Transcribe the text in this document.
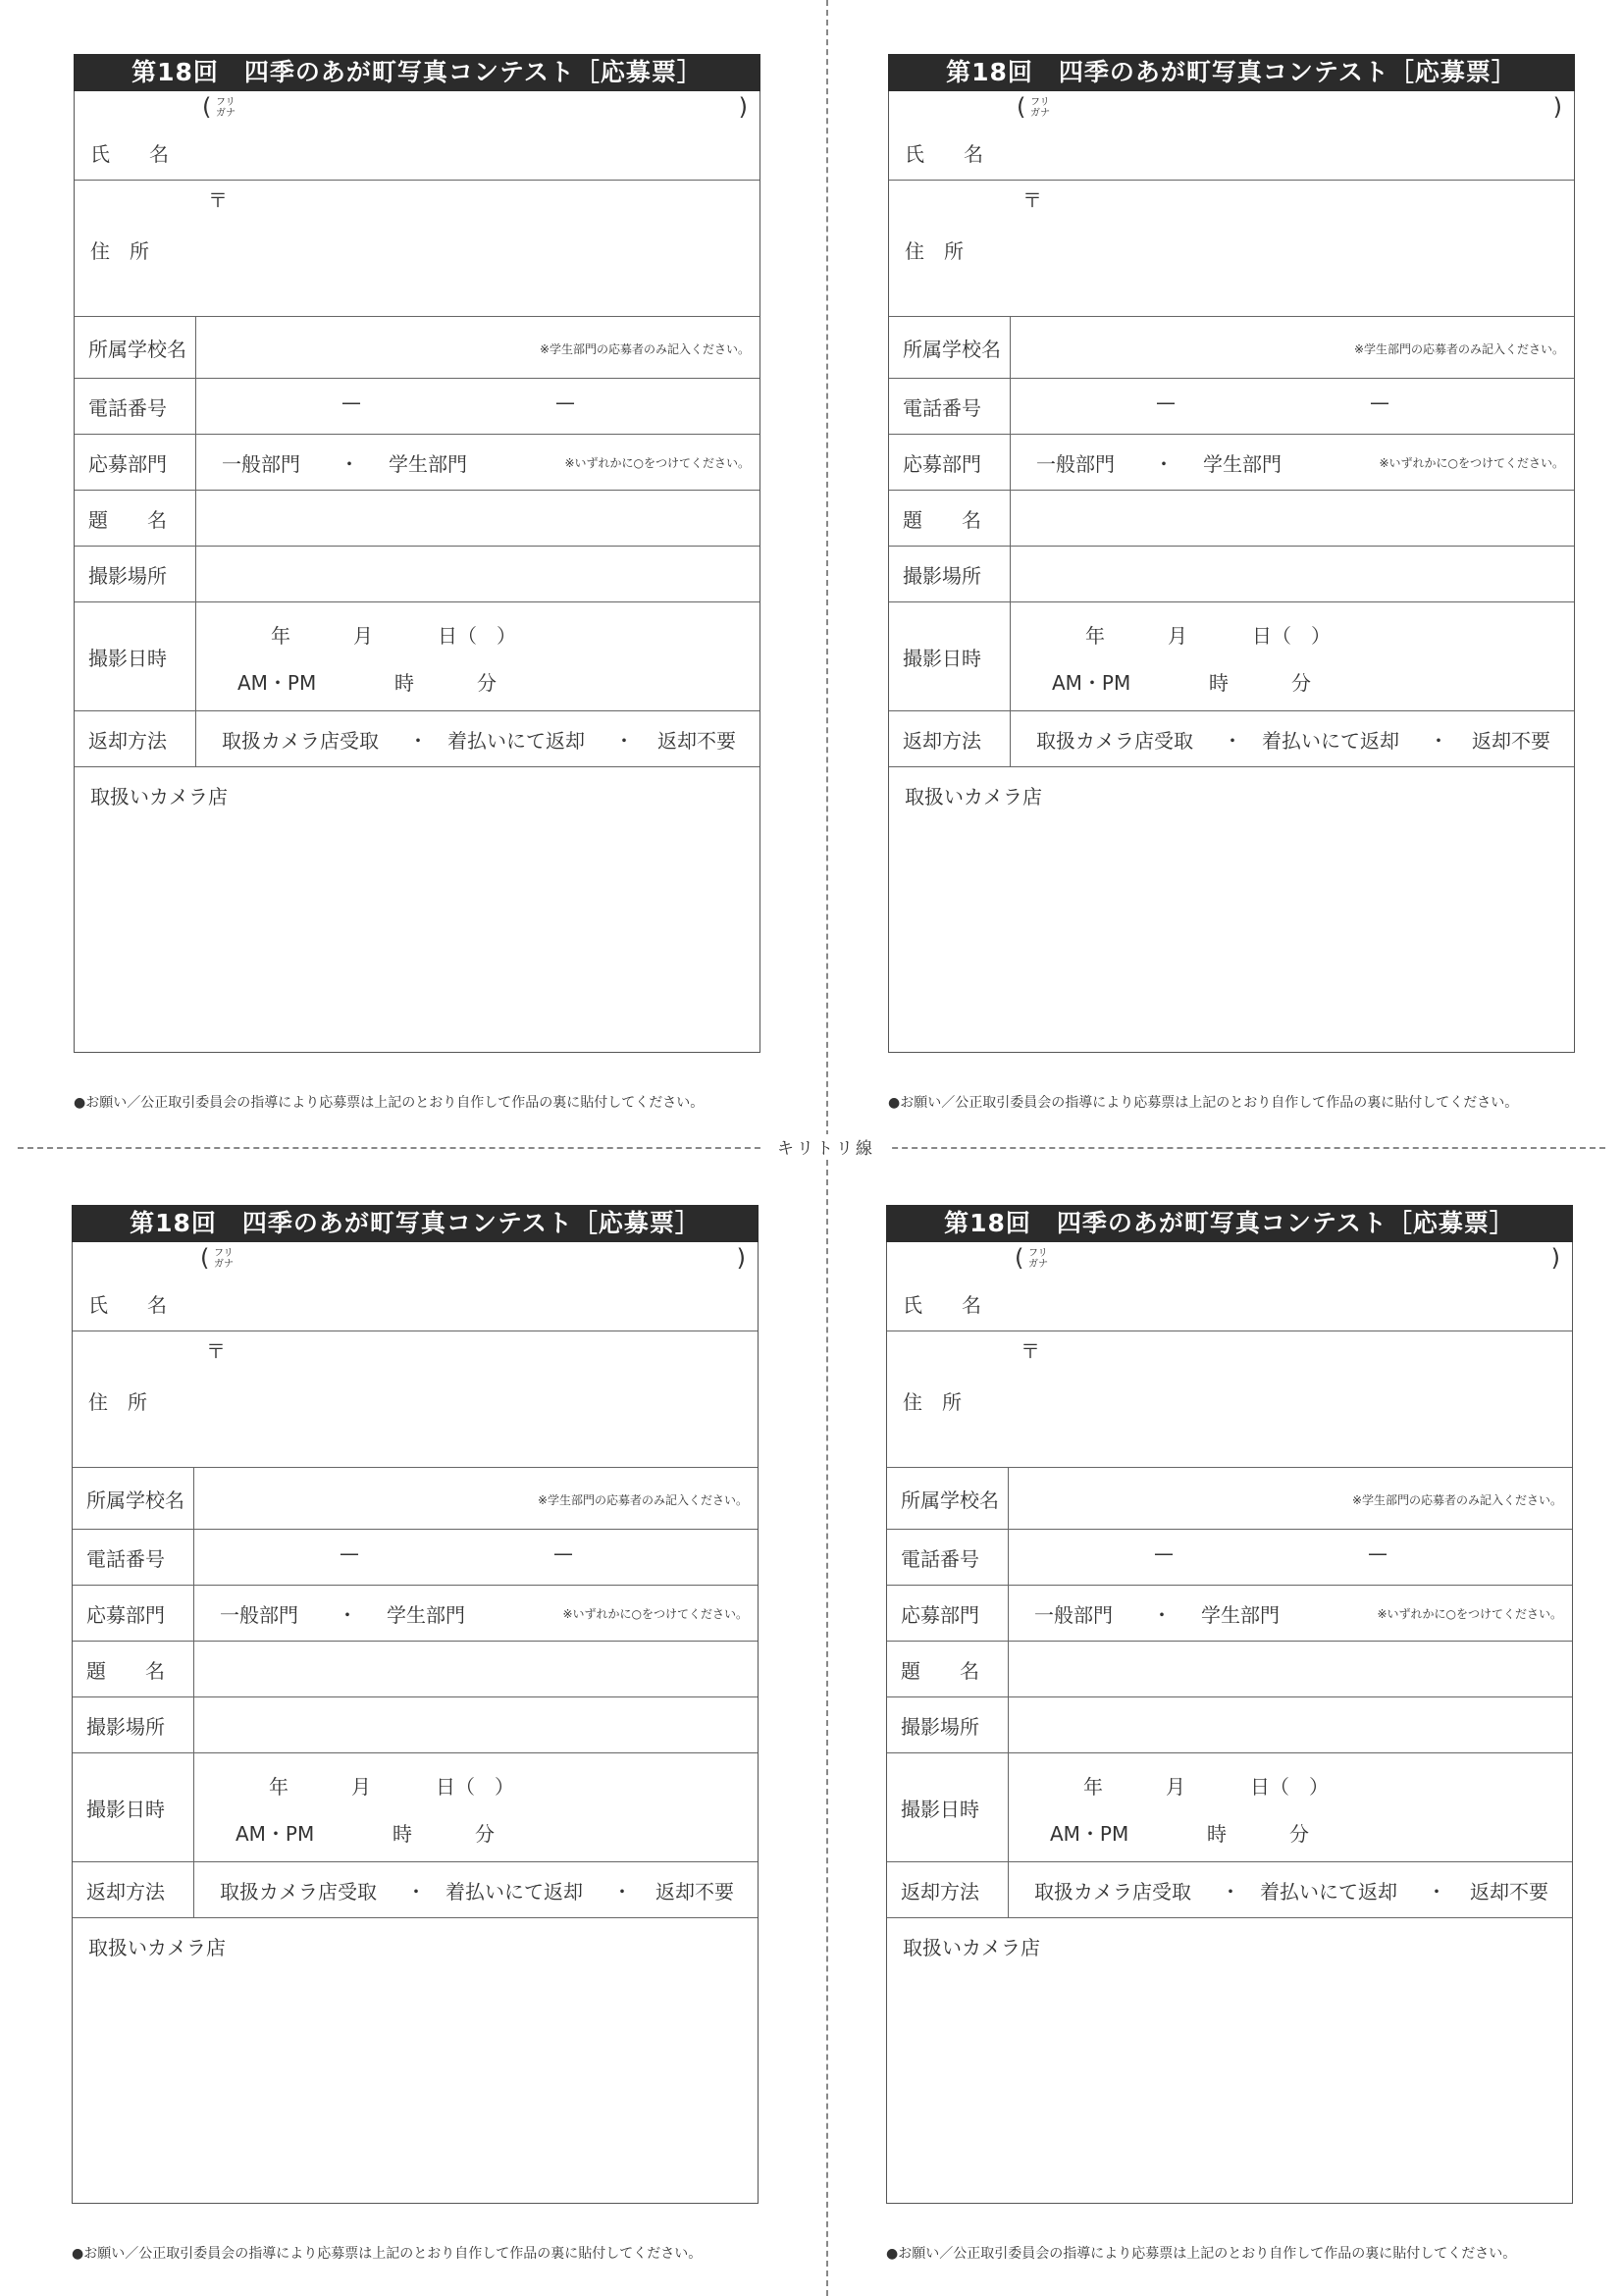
第18回　四季のあが町写真コンテスト［応募票］
氏　　名
( フリ
ガナ	)
〒
住　所
所属学校名	※学生部門の応募者のみ記入ください。
電話番号	—	—
応募部門	一般部門 ・ 学生部門	※いずれかに○をつけてください。
題　　名
撮影場所
撮影日時
年	月	日（　）
AM・PM	時	分
返却方法	取扱カメラ店受取 ・ 着払いにて返却 ・ 返却不要
取扱いカメラ店
●お願い／公正取引委員会の指導により応募票は上記のとおり自作して作品の裏に貼付してください。
第18回　四季のあが町写真コンテスト［応募票］
氏　　名
( フリ
ガナ	)
〒
住　所
所属学校名	※学生部門の応募者のみ記入ください。
電話番号	—	—
応募部門	一般部門 ・ 学生部門	※いずれかに○をつけてください。
題　　名
撮影場所
撮影日時
年	月	日（　）
AM・PM	時	分
返却方法	取扱カメラ店受取 ・ 着払いにて返却 ・ 返却不要
取扱いカメラ店
●お願い／公正取引委員会の指導により応募票は上記のとおり自作して作品の裏に貼付してください。
第18回　四季のあが町写真コンテスト［応募票］
氏　　名
( フリ
ガナ	)
〒
住　所
所属学校名	※学生部門の応募者のみ記入ください。
電話番号	—	—
応募部門	一般部門 ・ 学生部門	※いずれかに○をつけてください。
題　　名
撮影場所
撮影日時
年	月	日（　）
AM・PM	時	分
返却方法	取扱カメラ店受取 ・ 着払いにて返却 ・ 返却不要
取扱いカメラ店
●お願い／公正取引委員会の指導により応募票は上記のとおり自作して作品の裏に貼付してください。
第18回　四季のあが町写真コンテスト［応募票］
氏　　名
( フリ
ガナ	)
〒
住　所
所属学校名	※学生部門の応募者のみ記入ください。
電話番号	—	—
応募部門	一般部門 ・ 学生部門	※いずれかに○をつけてください。
題　　名
撮影場所
撮影日時
年	月	日（　）
AM・PM	時	分
返却方法	取扱カメラ店受取 ・ 着払いにて返却 ・ 返却不要
取扱いカメラ店
●お願い／公正取引委員会の指導により応募票は上記のとおり自作して作品の裏に貼付してください。
キリトリ線
